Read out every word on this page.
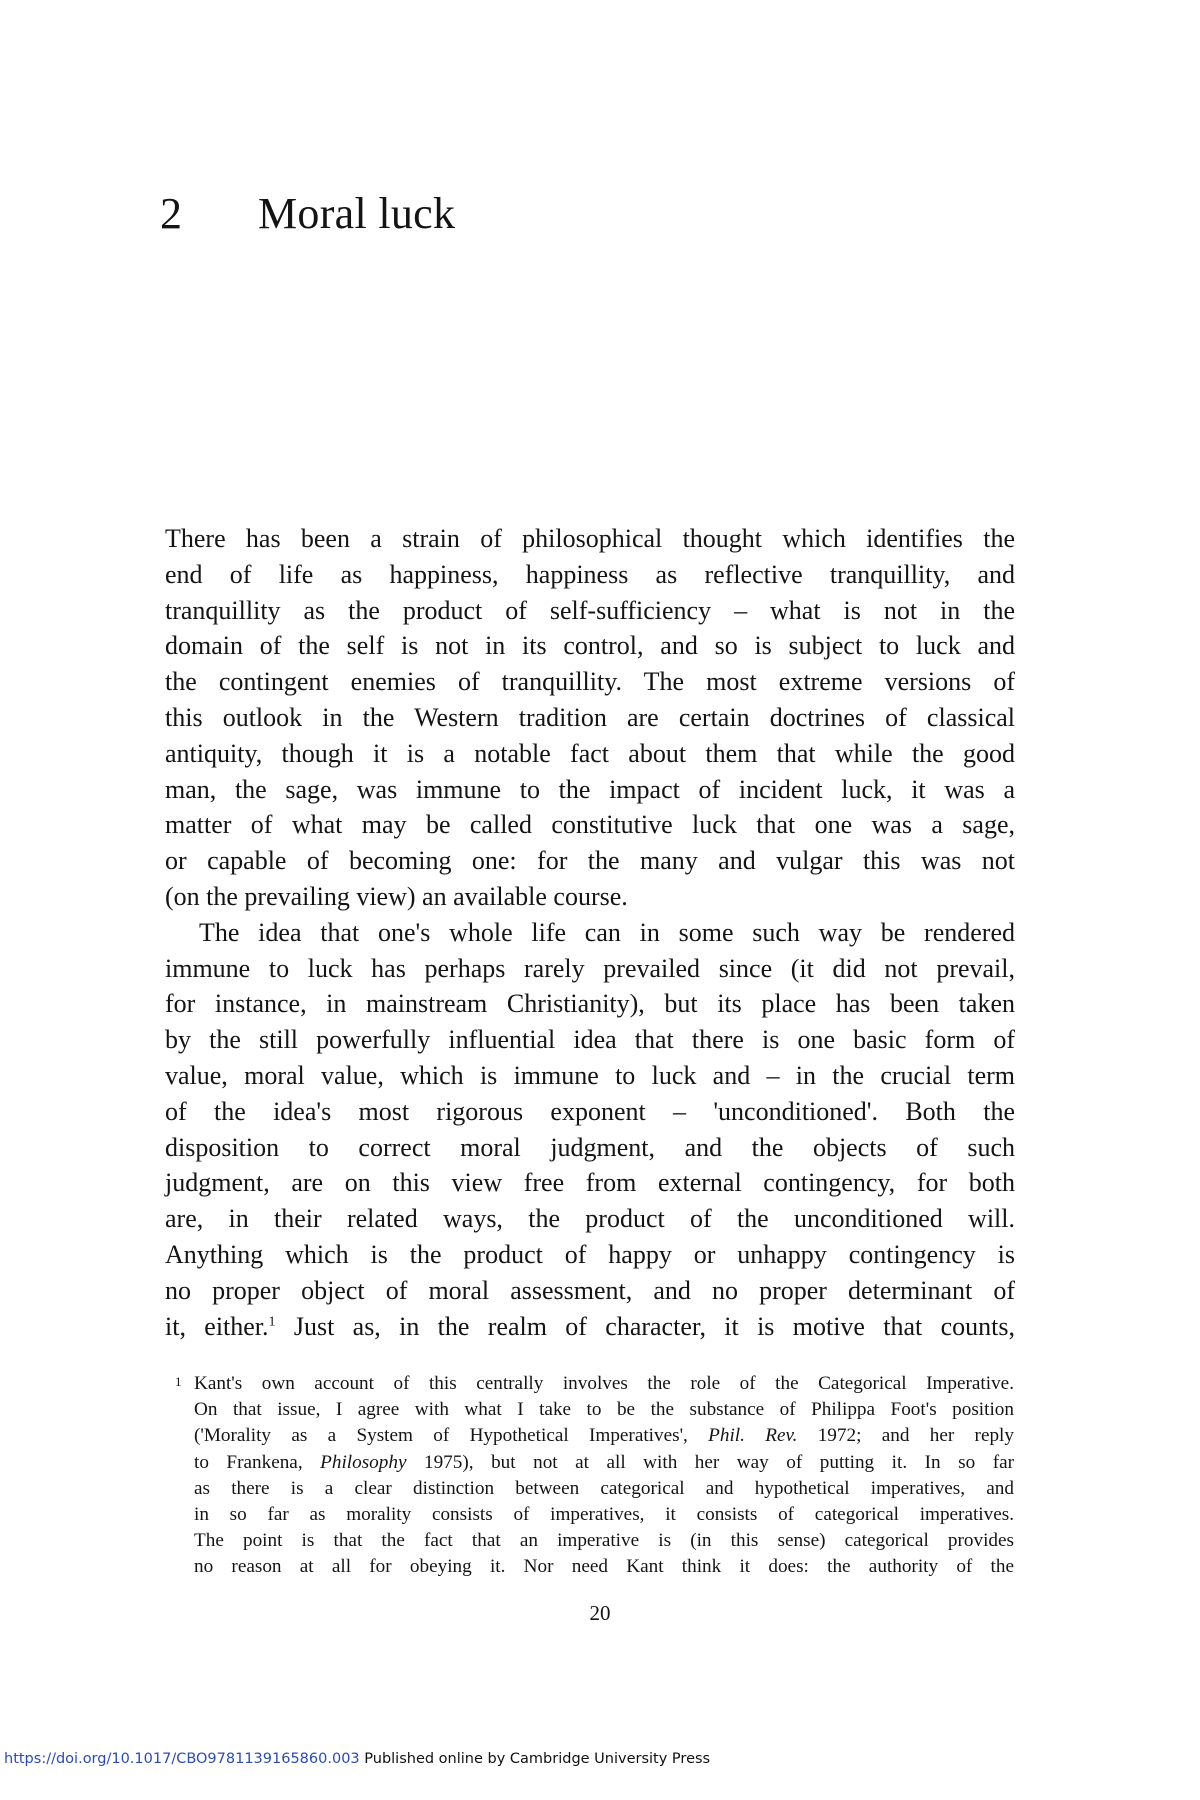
2 Moral luck

There has been a strain of philosophical thought which identifies the
end of life as happiness, happiness as reflective tranquillity, and
tranquillity as the product of self-sufficiency – what is not in the
domain of the self is not in its control, and so is subject to luck and
the contingent enemies of tranquillity. The most extreme versions of
this outlook in the Western tradition are certain doctrines of classical
antiquity, though it is a notable fact about them that while the good
man, the sage, was immune to the impact of incident luck, it was a
matter of what may be called constitutive luck that one was a sage,
or capable of becoming one: for the many and vulgar this was not
(on the prevailing view) an available course.

The idea that one's whole life can in some such way be rendered
immune to luck has perhaps rarely prevailed since (it did not prevail,
for instance, in mainstream Christianity), but its place has been taken
by the still powerfully influential idea that there is one basic form of
value, moral value, which is immune to luck and – in the crucial term
of the idea's most rigorous exponent – 'unconditioned'. Both the
disposition to correct moral judgment, and the objects of such
judgment, are on this view free from external contingency, for both
are, in their related ways, the product of the unconditioned will.
Anything which is the product of happy or unhappy contingency is
no proper object of moral assessment, and no proper determinant of
it, either.$^1$ Just as, in the realm of character, it is motive that counts,

1 Kant's own account of this centrally involves the role of the Categorical Imperative.
On that issue, I agree with what I take to be the substance of Philippa Foot's position
('Morality as a System of Hypothetical Imperatives', Phil. Rev. 1972; and her reply
to Frankena, Philosophy 1975), but not at all with her way of putting it. In so far
as there is a clear distinction between categorical and hypothetical imperatives, and
in so far as morality consists of imperatives, it consists of categorical imperatives.
The point is that the fact that an imperative is (in this sense) categorical provides
no reason at all for obeying it. Nor need Kant think it does: the authority of the
20
https://doi.org/10.1017/CBO9781139165860.003 Published online by Cambridge University Press
